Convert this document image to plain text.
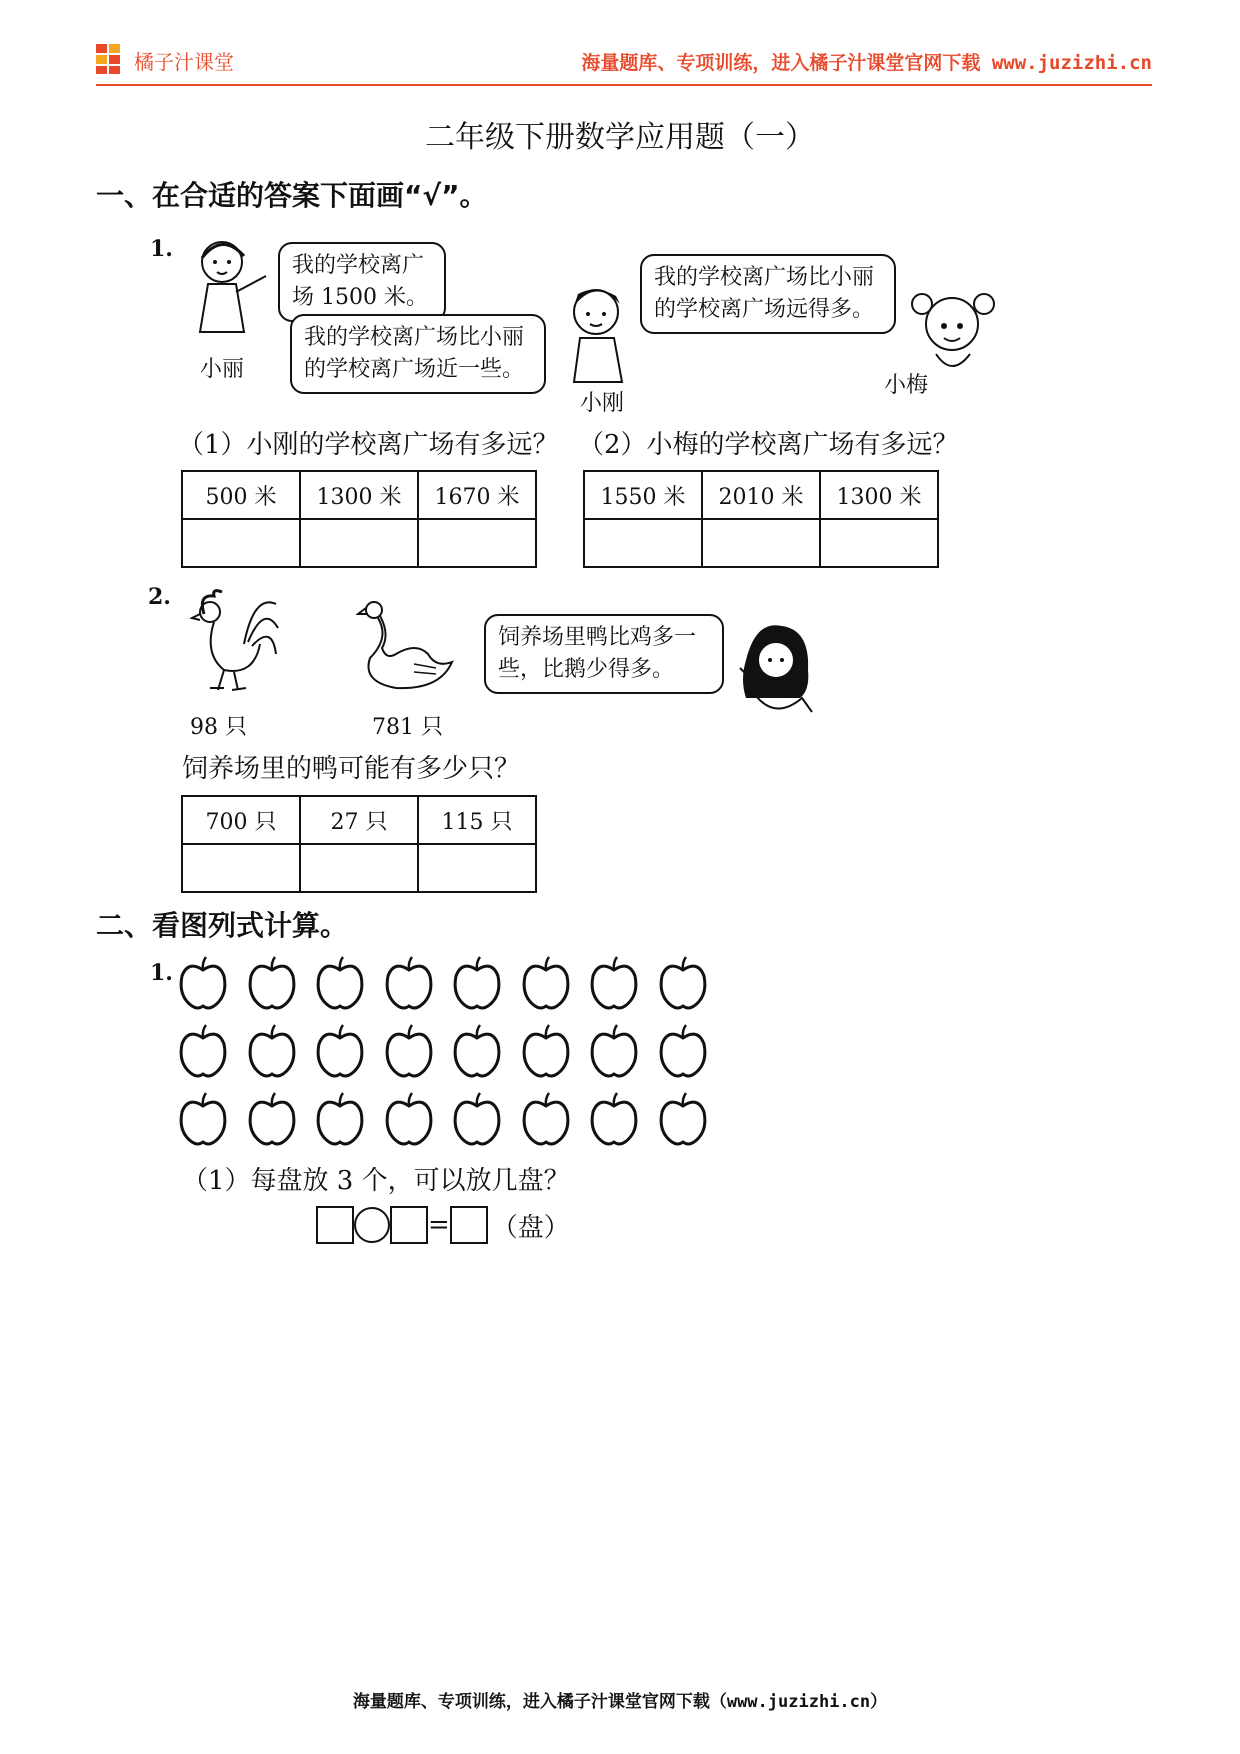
橘子汁课堂	海量题库、专项训练，进入橘子汁课堂官网下载 www.juzizhi.cn
二年级下册数学应用题（一）
一、在合适的答案下面画“√”。
1.
小丽
我的学校离广
场 1500 米。
我的学校离广场比小丽
的学校离广场近一些。
小刚
我的学校离广场比小丽
的学校离广场远得多。
小梅
（1）小刚的学校离广场有多远？ （2）小梅的学校离广场有多远？
500 米	1300 米	1670 米
			1550 米	2010 米	1300 米

2.
98 只	781 只
饲养场里鸭比鸡多一
些，比鹅少得多。
饲养场里的鸭可能有多少只？
700 只	27 只	115 只

二、看图列式计算。
1.
（1）每盘放 3 个，可以放几盘？
= （盘）
海量题库、专项训练，进入橘子汁课堂官网下载（www.juzizhi.cn）
